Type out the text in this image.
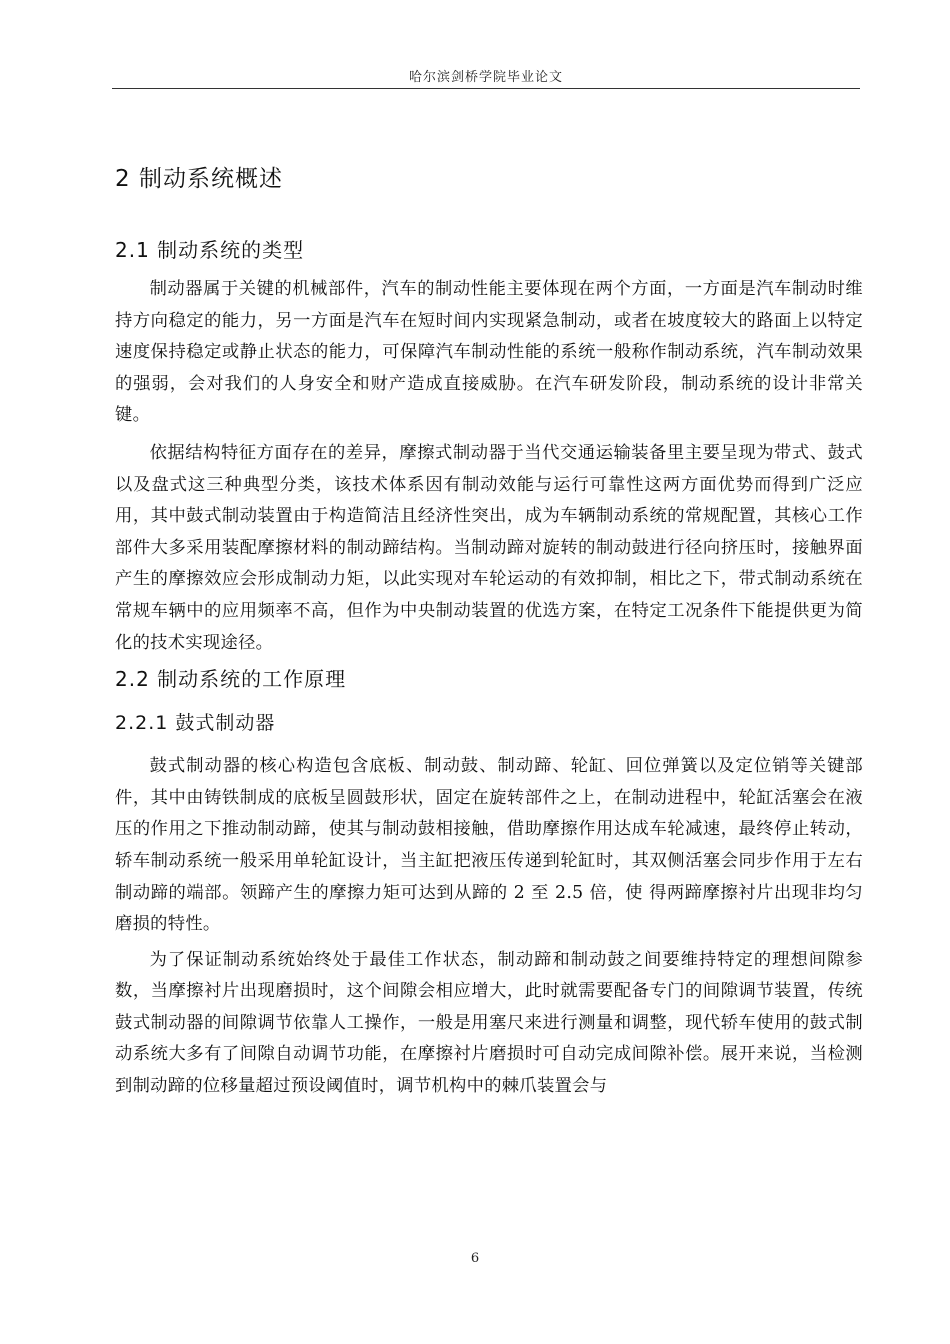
哈尔滨剑桥学院毕业论文
2 制动系统概述
2.1 制动系统的类型

制动器属于关键的机械部件，汽车的制动性能主要体现在两个方面，一方面是汽车制动时维持方向稳定的能力，另一方面是汽车在短时间内实现紧急制动，或者在坡度较大的路面上以特定速度保持稳定或静止状态的能力，可保障汽车制动性能的系统一般称作制动系统，汽车制动效果的强弱，会对我们的人身安全和财产造成直接威胁。在汽车研发阶段，制动系统的设计非常关键。

依据结构特征方面存在的差异，摩擦式制动器于当代交通运输装备里主要呈现为带式、鼓式以及盘式这三种典型分类，该技术体系因有制动效能与运行可靠性这两方面优势而得到广泛应用，其中鼓式制动装置由于构造简洁且经济性突出，成为车辆制动系统的常规配置，其核心工作部件大多采用装配摩擦材料的制动蹄结构。当制动蹄对旋转的制动鼓进行径向挤压时，接触界面产生的摩擦效应会形成制动力矩，以此实现对车轮运动的有效抑制，相比之下，带式制动系统在常规车辆中的应用频率不高，但作为中央制动装置的优选方案，在特定工况条件下能提供更为简化的技术实现途径。

2.2 制动系统的工作原理
2.2.1 鼓式制动器

鼓式制动器的核心构造包含底板、制动鼓、制动蹄、轮缸、回位弹簧以及定位销等关键部件，其中由铸铁制成的底板呈圆鼓形状，固定在旋转部件之上，在制动进程中，轮缸活塞会在液压的作用之下推动制动蹄，使其与制动鼓相接触，借助摩擦作用达成车轮减速，最终停止转动，轿车制动系统一般采用单轮缸设计，当主缸把液压传递到轮缸时，其双侧活塞会同步作用于左右制动蹄的端部。领蹄产生的摩擦力矩可达到从蹄的 2 至 2.5 倍，使 得两蹄摩擦衬片出现非均匀磨损的特性。

为了保证制动系统始终处于最佳工作状态，制动蹄和制动鼓之间要维持特定的理想间隙参数，当摩擦衬片出现磨损时，这个间隙会相应增大，此时就需要配备专门的间隙调节装置，传统鼓式制动器的间隙调节依靠人工操作，一般是用塞尺来进行测量和调整，现代轿车使用的鼓式制动系统大多有了间隙自动调节功能，在摩擦衬片磨损时可自动完成间隙补偿。展开来说，当检测到制动蹄的位移量超过预设阈值时，调节机构中的棘爪装置会与

6
